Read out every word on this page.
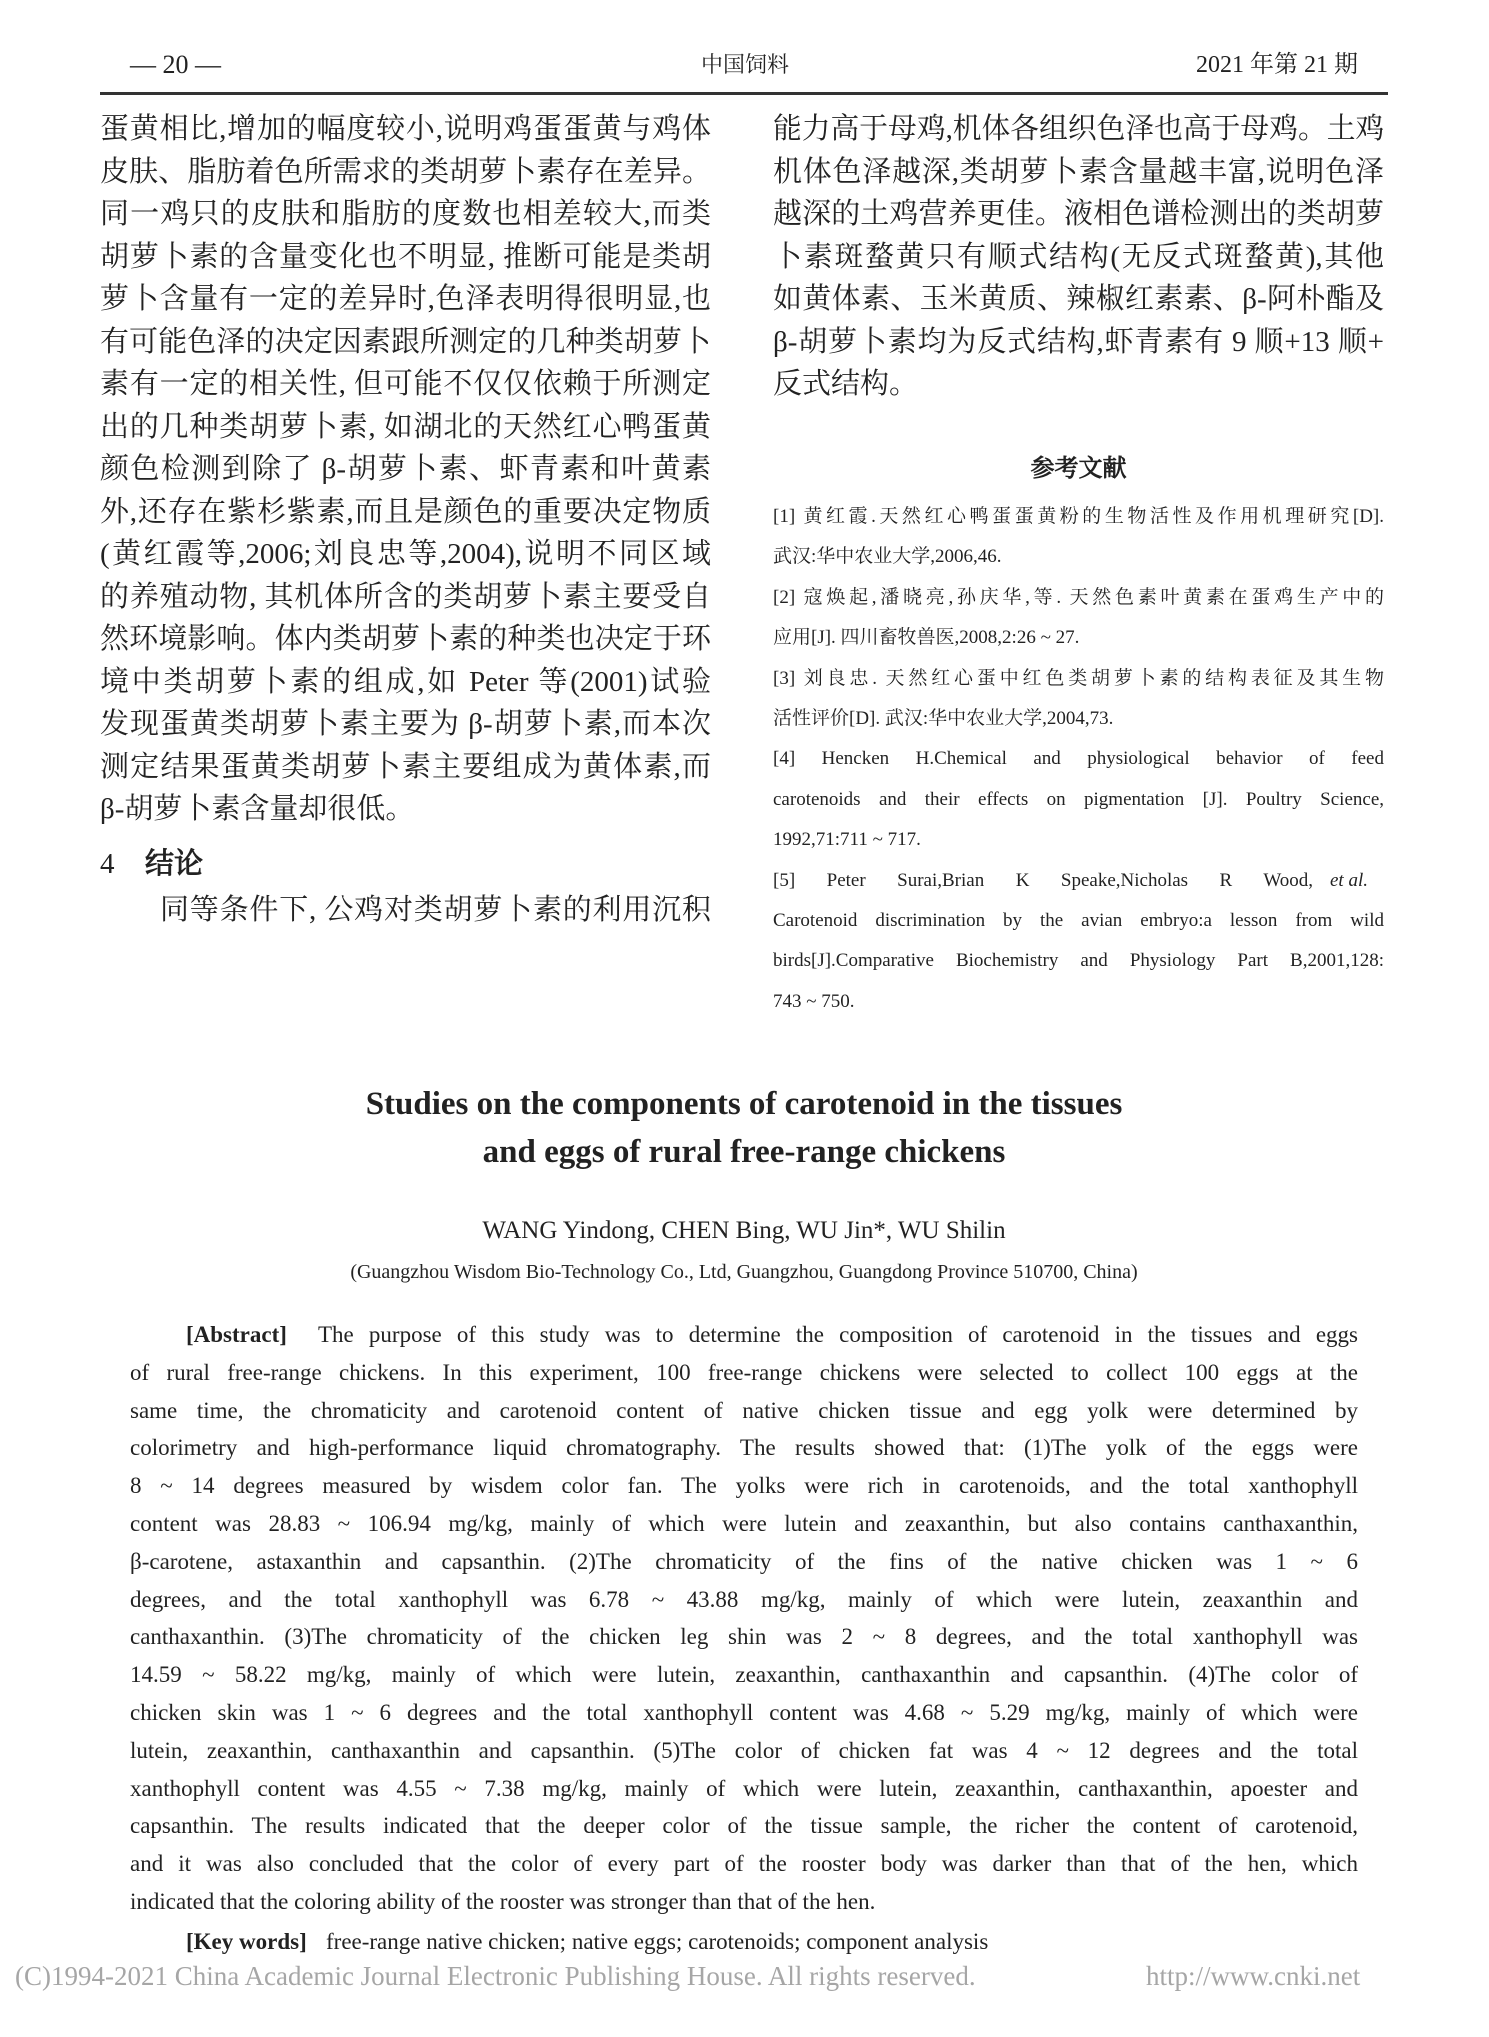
— 20 —	中国饲料	2021 年第 21 期
蛋黄相比,增加的幅度较小,说明鸡蛋蛋黄与鸡体
皮肤、脂肪着色所需求的类胡萝卜素存在差异。
同一鸡只的皮肤和脂肪的度数也相差较大,而类
胡萝卜素的含量变化也不明显, 推断可能是类胡
萝卜含量有一定的差异时,色泽表明得很明显,也
有可能色泽的决定因素跟所测定的几种类胡萝卜
素有一定的相关性, 但可能不仅仅依赖于所测定
出的几种类胡萝卜素, 如湖北的天然红心鸭蛋黄
颜色检测到除了 β-胡萝卜素、虾青素和叶黄素
外,还存在紫杉紫素,而且是颜色的重要决定物质
(黄红霞等,2006;刘良忠等,2004),说明不同区域
的养殖动物, 其机体所含的类胡萝卜素主要受自
然环境影响。体内类胡萝卜素的种类也决定于环
境中类胡萝卜素的组成,如 Peter 等(2001)试验
发现蛋黄类胡萝卜素主要为 β-胡萝卜素,而本次
测定结果蛋黄类胡萝卜素主要组成为黄体素,而
β-胡萝卜素含量却很低。
4	结论
同等条件下, 公鸡对类胡萝卜素的利用沉积
能力高于母鸡,机体各组织色泽也高于母鸡。土鸡
机体色泽越深,类胡萝卜素含量越丰富,说明色泽
越深的土鸡营养更佳。液相色谱检测出的类胡萝
卜素斑蝥黄只有顺式结构(无反式斑蝥黄),其他
如黄体素、玉米黄质、辣椒红素素、β-阿朴酯及
β-胡萝卜素均为反式结构,虾青素有 9 顺+13 顺+
反式结构。
参考文献
[1] 黄红霞.天然红心鸭蛋蛋黄粉的生物活性及作用机理研究[D].
武汉:华中农业大学,2006,46.
[2] 寇焕起,潘晓亮,孙庆华,等. 天然色素叶黄素在蛋鸡生产中的
应用[J]. 四川畜牧兽医,2008,2:26 ~ 27.
[3] 刘良忠. 天然红心蛋中红色类胡萝卜素的结构表征及其生物
活性评价[D]. 武汉:华中农业大学,2004,73.
[4] Hencken H.Chemical and physiological behavior of feed
carotenoids and their effects on pigmentation [J]. Poultry Science,
1992,71:711 ~ 717.
[5] Peter Surai,Brian K Speake,Nicholas R Wood, et al.
Carotenoid discrimination by the avian embryo:a lesson from wild
birds[J].Comparative Biochemistry and Physiology Part B,2001,128:
743 ~ 750.
Studies on the components of carotenoid in the tissues
and eggs of rural free-range chickens
WANG Yindong, CHEN Bing, WU Jin*, WU Shilin
(Guangzhou Wisdom Bio-Technology Co., Ltd, Guangzhou, Guangdong Province 510700, China)
[Abstract]	The purpose of this study was to determine the composition of carotenoid in the tissues and eggs
of rural free-range chickens. In this experiment, 100 free-range chickens were selected to collect 100 eggs at the
same time, the chromaticity and carotenoid content of native chicken tissue and egg yolk were determined by
colorimetry and high-performance liquid chromatography. The results showed that: (1)The yolk of the eggs were
8 ~ 14 degrees measured by wisdem color fan. The yolks were rich in carotenoids, and the total xanthophyll
content was 28.83 ~ 106.94 mg/kg, mainly of which were lutein and zeaxanthin, but also contains canthaxanthin,
β-carotene, astaxanthin and capsanthin. (2)The chromaticity of the fins of the native chicken was 1 ~ 6
degrees, and the total xanthophyll was 6.78 ~ 43.88 mg/kg, mainly of which were lutein, zeaxanthin and
canthaxanthin. (3)The chromaticity of the chicken leg shin was 2 ~ 8 degrees, and the total xanthophyll was
14.59 ~ 58.22 mg/kg, mainly of which were lutein, zeaxanthin, canthaxanthin and capsanthin. (4)The color of
chicken skin was 1 ~ 6 degrees and the total xanthophyll content was 4.68 ~ 5.29 mg/kg, mainly of which were
lutein, zeaxanthin, canthaxanthin and capsanthin. (5)The color of chicken fat was 4 ~ 12 degrees and the total
xanthophyll content was 4.55 ~ 7.38 mg/kg, mainly of which were lutein, zeaxanthin, canthaxanthin, apoester and
capsanthin. The results indicated that the deeper color of the tissue sample, the richer the content of carotenoid,
and it was also concluded that the color of every part of the rooster body was darker than that of the hen, which
indicated that the coloring ability of the rooster was stronger than that of the hen.
[Key words] free-range native chicken; native eggs; carotenoids; component analysis
(C)1994-2021 China Academic Journal Electronic Publishing House. All rights reserved.	http://www.cnki.net
